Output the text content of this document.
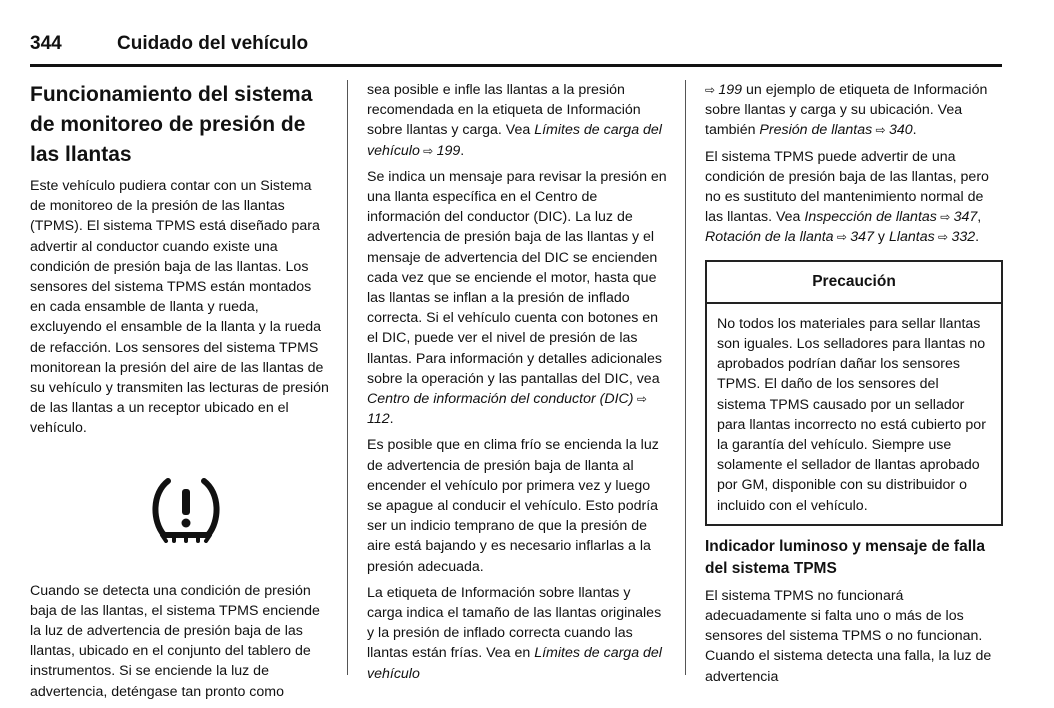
344	Cuidado del vehículo
Funcionamiento del sistema de monitoreo de presión de las llantas

Este vehículo pudiera contar con un Sistema de monitoreo de la presión de las llantas (TPMS). El sistema TPMS está diseñado para advertir al conductor cuando existe una condición de presión baja de las llantas. Los sensores del sistema TPMS están montados en cada ensamble de llanta y rueda, excluyendo el ensamble de la llanta y la rueda de refacción. Los sensores del sistema TPMS monitorean la presión del aire de las llantas de su vehículo y transmiten las lecturas de presión de las llantas a un receptor ubicado en el vehículo.

Cuando se detecta una condición de presión baja de las llantas, el sistema TPMS enciende la luz de advertencia de presión baja de las llantas, ubicado en el conjunto del tablero de instrumentos. Si se enciende la luz de advertencia, deténgase tan pronto como

sea posible e infle las llantas a la presión recomendada en la etiqueta de Información sobre llantas y carga. Vea Límites de carga del vehículo ⇨ 199.

Se indica un mensaje para revisar la presión en una llanta específica en el Centro de información del conductor (DIC). La luz de advertencia de presión baja de las llantas y el mensaje de advertencia del DIC se encienden cada vez que se enciende el motor, hasta que las llantas se inflan a la presión de inflado correcta. Si el vehículo cuenta con botones en el DIC, puede ver el nivel de presión de las llantas. Para información y detalles adicionales sobre la operación y las pantallas del DIC, vea Centro de información del conductor (DIC) ⇨ 112.

Es posible que en clima frío se encienda la luz de advertencia de presión baja de llanta al encender el vehículo por primera vez y luego se apague al conducir el vehículo. Esto podría ser un indicio temprano de que la presión de aire está bajando y es necesario inflarlas a la presión adecuada.

La etiqueta de Información sobre llantas y carga indica el tamaño de las llantas originales y la presión de inflado correcta cuando las llantas están frías. Vea en Límites de carga del vehículo

⇨ 199 un ejemplo de etiqueta de Información sobre llantas y carga y su ubicación. Vea también Presión de llantas ⇨ 340.

El sistema TPMS puede advertir de una condición de presión baja de las llantas, pero no es sustituto del mantenimiento normal de las llantas. Vea Inspección de llantas ⇨ 347, Rotación de la llanta ⇨ 347 y Llantas ⇨ 332.

Precaución
No todos los materiales para sellar llantas son iguales. Los selladores para llantas no aprobados podrían dañar los sensores TPMS. El daño de los sensores del sistema TPMS causado por un sellador para llantas incorrecto no está cubierto por la garantía del vehículo. Siempre use solamente el sellador de llantas aprobado por GM, disponible con su distribuidor o incluido con el vehículo.
Indicador luminoso y mensaje de falla del sistema TPMS

El sistema TPMS no funcionará adecuadamente si falta uno o más de los sensores del sistema TPMS o no funcionan. Cuando el sistema detecta una falla, la luz de advertencia
